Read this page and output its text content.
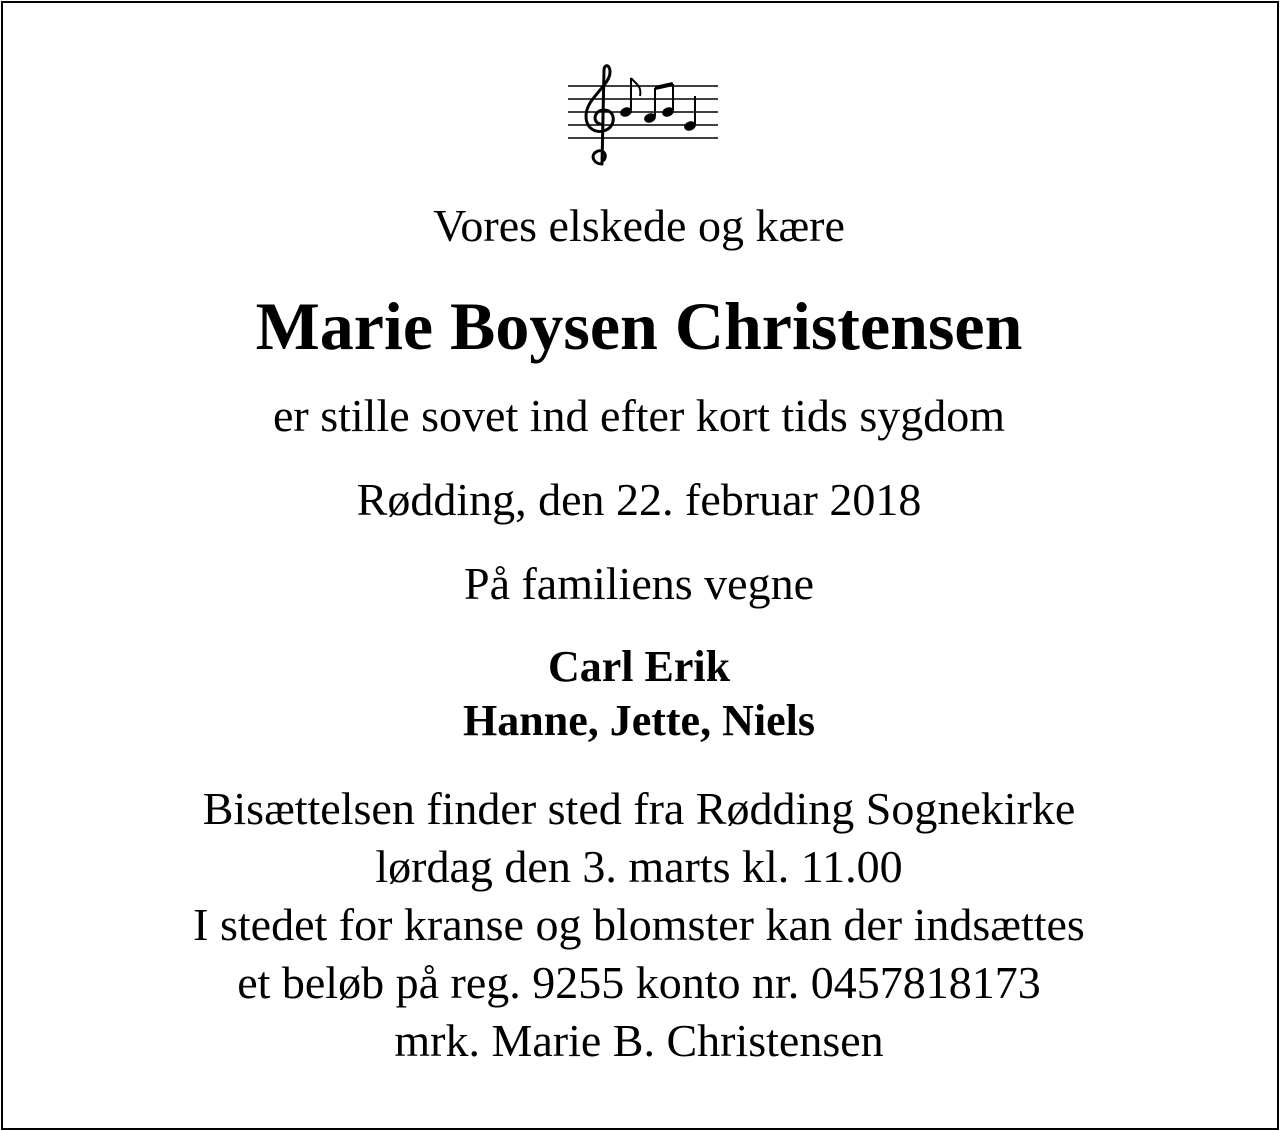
Vores elskede og kære
Marie Boysen Christensen
er stille sovet ind efter kort tids sygdom
Rødding, den 22. februar 2018
På familiens vegne
Carl Erik
Hanne, Jette, Niels
Bisættelsen finder sted fra Rødding Sognekirke
lørdag den 3. marts kl. 11.00
I stedet for kranse og blomster kan der indsættes
et beløb på reg. 9255 konto nr. 0457818173
mrk. Marie B. Christensen
